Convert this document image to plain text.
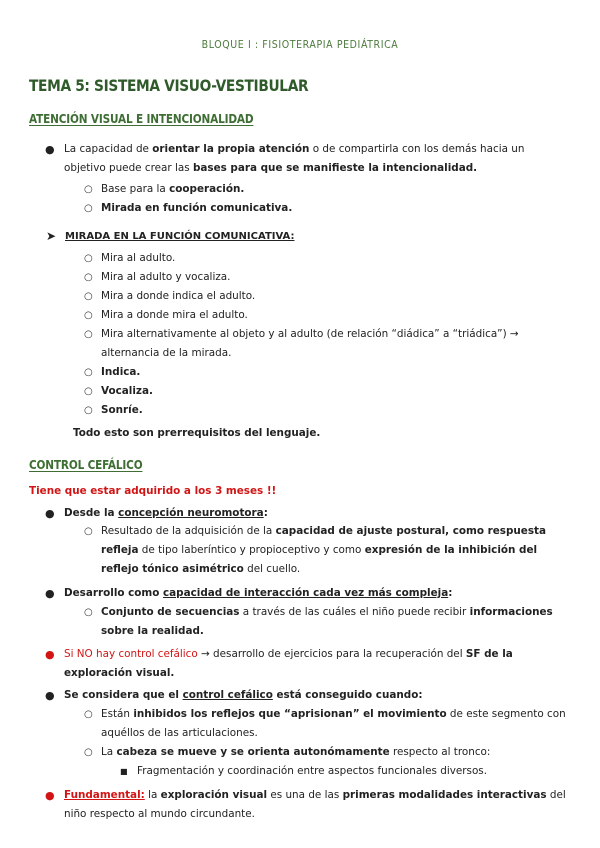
BLOQUE I : FISIOTERAPIA PEDIÁTRICA
TEMA 5: SISTEMA VISUO-VESTIBULAR
ATENCIÓN VISUAL E INTENCIONALIDAD
● La capacidad de orientar la propia atención o de compartirla con los demás hacia un
objetivo puede crear las bases para que se manifieste la intencionalidad.
○ Base para la cooperación.
○ Mirada en función comunicativa.
➤ MIRADA EN LA FUNCIÓN COMUNICATIVA:
○ Mira al adulto.
○ Mira al adulto y vocaliza.
○ Mira a donde indica el adulto.
○ Mira a donde mira el adulto.
○ Mira alternativamente al objeto y al adulto (de relación “diádica” a “triádica”) →
alternancia de la mirada.
○ Indica.
○ Vocaliza.
○ Sonríe.
Todo esto son prerrequisitos del lenguaje.
CONTROL CEFÁLICO
Tiene que estar adquirido a los 3 meses !!
● Desde la concepción neuromotora:
○ Resultado de la adquisición de la capacidad de ajuste postural, como respuesta
refleja de tipo laberíntico y propioceptivo y como expresión de la inhibición del
reflejo tónico asimétrico del cuello.
● Desarrollo como capacidad de interacción cada vez más compleja:
○ Conjunto de secuencias a través de las cuáles el niño puede recibir informaciones
sobre la realidad.
● Si NO hay control cefálico → desarrollo de ejercicios para la recuperación del SF de la
exploración visual.
● Se considera que el control cefálico está conseguido cuando:
○ Están inhibidos los reflejos que “aprisionan” el movimiento de este segmento con
aquéllos de las articulaciones.
○ La cabeza se mueve y se orienta autonómamente respecto al tronco:
■ Fragmentación y coordinación entre aspectos funcionales diversos.
● Fundamental: la exploración visual es una de las primeras modalidades interactivas del
niño respecto al mundo circundante.
